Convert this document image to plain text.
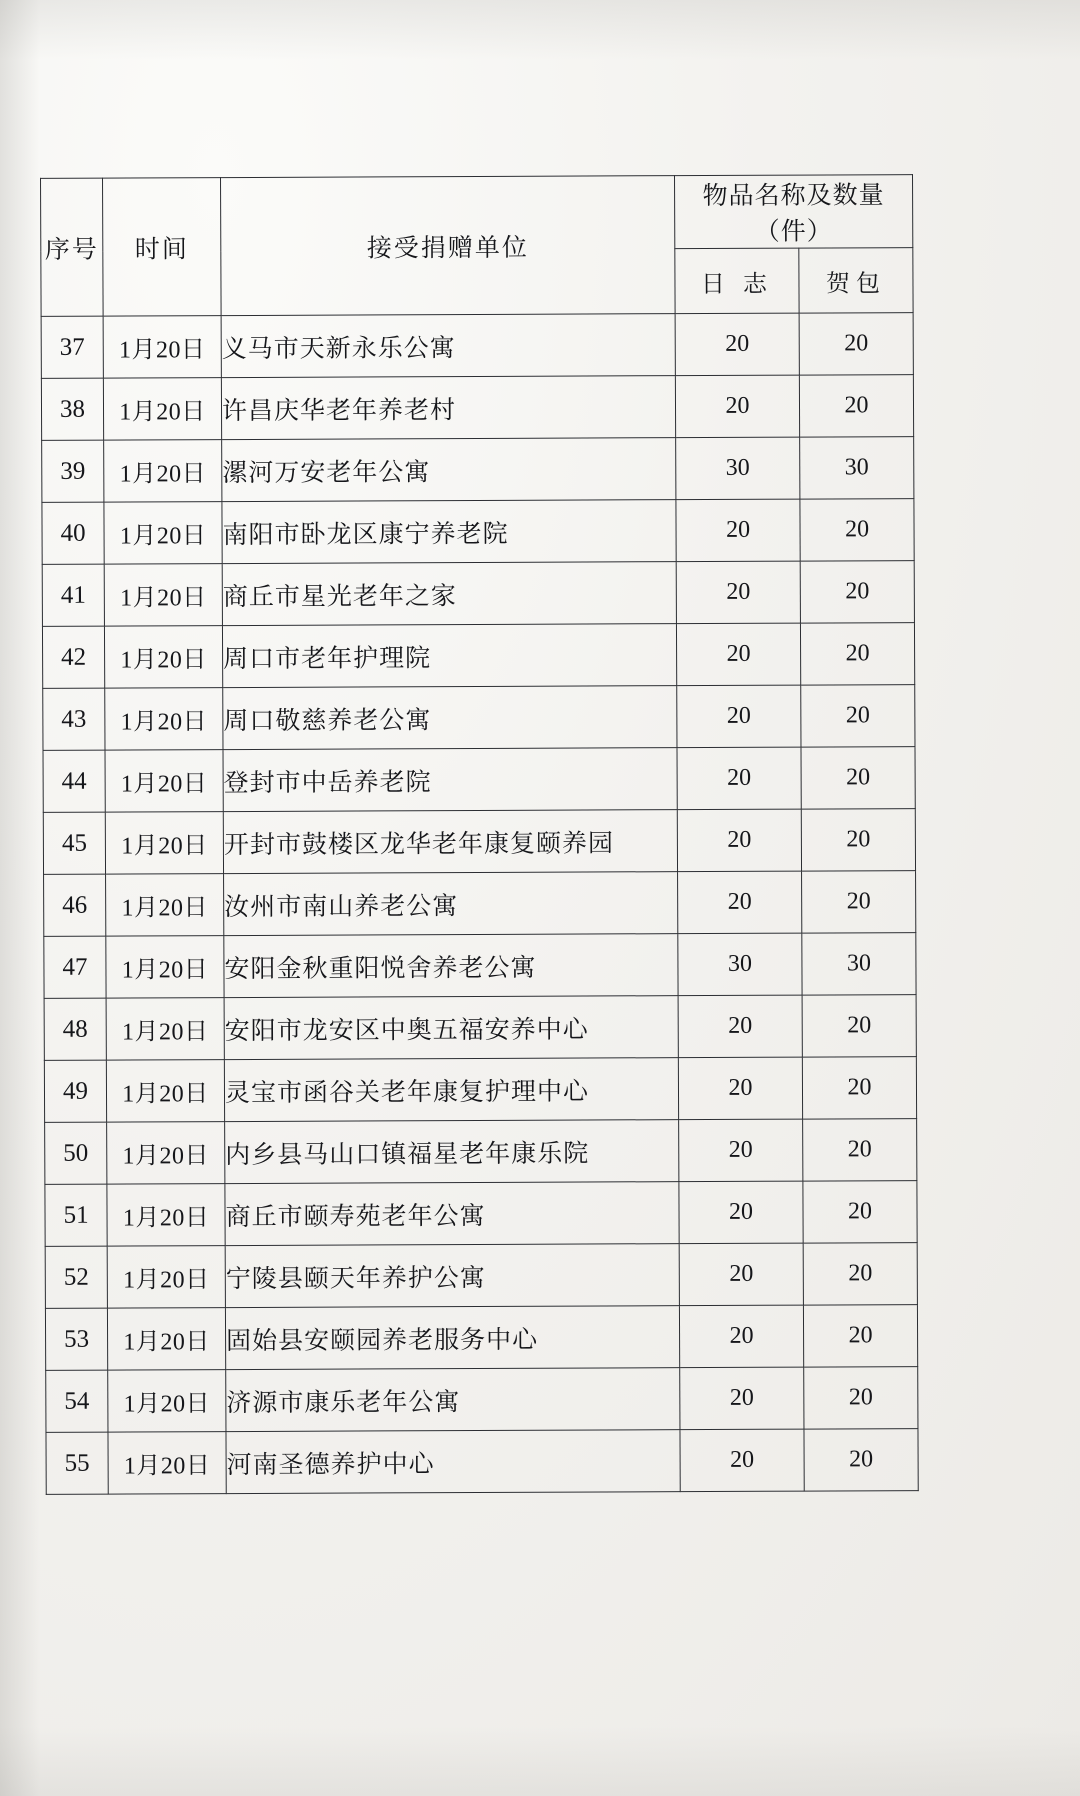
序号	时间	接受捐赠单位	物品名称及数量（件）	
			日 志	贺包
37	1月20日	义马市天新永乐公寓	20	20
38	1月20日	许昌庆华老年养老村	20	20
39	1月20日	漯河万安老年公寓	30	30
40	1月20日	南阳市卧龙区康宁养老院	20	20
41	1月20日	商丘市星光老年之家	20	20
42	1月20日	周口市老年护理院	20	20
43	1月20日	周口敬慈养老公寓	20	20
44	1月20日	登封市中岳养老院	20	20
45	1月20日	开封市鼓楼区龙华老年康复颐养园	20	20
46	1月20日	汝州市南山养老公寓	20	20
47	1月20日	安阳金秋重阳悦舍养老公寓	30	30
48	1月20日	安阳市龙安区中奥五福安养中心	20	20
49	1月20日	灵宝市函谷关老年康复护理中心	20	20
50	1月20日	内乡县马山口镇福星老年康乐院	20	20
51	1月20日	商丘市颐寿苑老年公寓	20	20
52	1月20日	宁陵县颐天年养护公寓	20	20
53	1月20日	固始县安颐园养老服务中心	20	20
54	1月20日	济源市康乐老年公寓	20	20
55	1月20日	河南圣德养护中心	20	20
